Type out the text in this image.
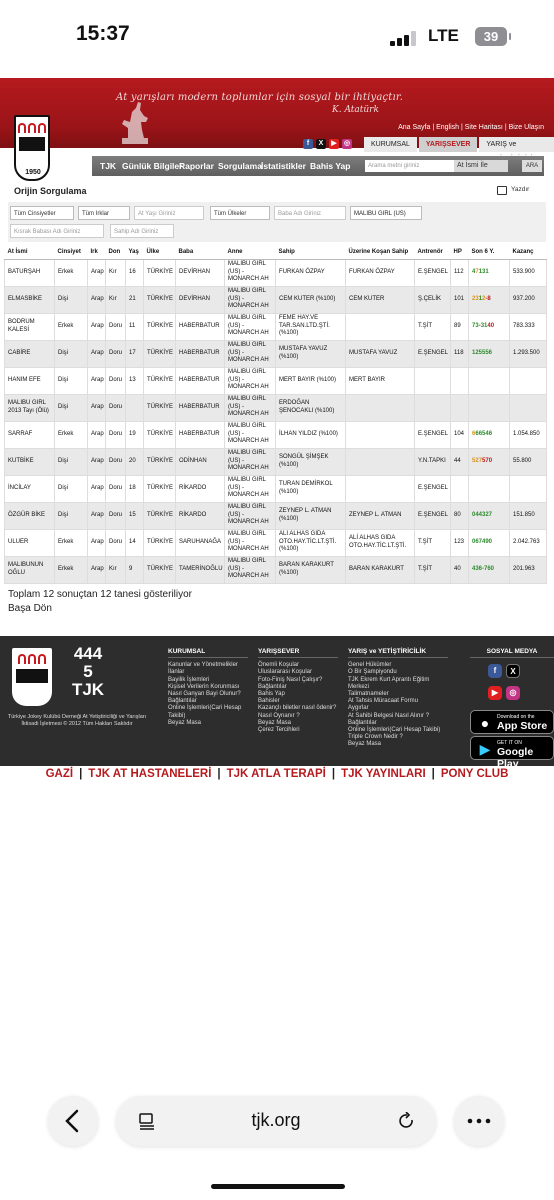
15:37	LTE	39
At yarışları modern toplumlar için sosyal bir ihtiyaçtır.
K. Atatürk
Ana Sayfa | English | Site Haritası | Bize Ulaşın
1950
f	X	▶	◎	KURUMSAL	YARIŞSEVER	YARIŞ ve
TJK Günlük Bilgiler
Raporlar Sorgulama İstatistikler Bahis Yap	Arama metni giriniz	At İsmi İle	ARA
Orijin Sorgulama	Yazdır
Tüm Cinsiyetler	Tüm Irklar	At Yaşı Giriniz	Tüm Ülkeler	Baba Adı Giriniz	MALIBU GIRL (US)
Kısrak Babası Adı Giriniz	Sahip Adı Giriniz
At İsmi	Cinsiyet	Irk	Don	Yaş	Ülke	Baba	Anne	Sahip	Üzerine Koşan Sahip	Antrenör	HP	Son 6 Y.	Kazanç
BATURŞAH	Erkek	Arap	Kır	16	TÜRKİYE	DEVİRHAN	MALIBU GIRL (US) - MONARCH AH	FURKAN ÖZPAY	FURKAN ÖZPAY	E.ŞENGEL	112	47131	533.900
ELMASBİKE	Dişi	Arap	Kır	21	TÜRKİYE	DEVİRHAN	MALIBU GIRL (US) - MONARCH AH	CEM KUTER (%100)	CEM KUTER	Ş.ÇELİK	101	2312-8	937.200
BODRUM KALESİ	Erkek	Arap	Doru	11	TÜRKİYE	HABERBATUR	MALIBU GIRL (US) - MONARCH AH	FEME HAY.VE TAR.SAN.LTD.ŞTİ. (%100)		T.ŞİT	89	73-3140	783.333
CABİRE	Dişi	Arap	Doru	17	TÜRKİYE	HABERBATUR	MALIBU GIRL (US) - MONARCH AH	MUSTAFA YAVUZ (%100)	MUSTAFA YAVUZ	E.ŞENGEL	118	125556	1.293.500
HANIM EFE	Dişi	Arap	Doru	13	TÜRKİYE	HABERBATUR	MALIBU GIRL (US) - MONARCH AH	MERT BAYIR (%100)	MERT BAYIR				
MALIBU GIRL 2013 Tayı (Ölü)	Dişi	Arap	Doru		TÜRKİYE	HABERBATUR	MALIBU GIRL (US) - MONARCH AH	ERDOĞAN ŞENOCAKLI (%100)					
SARRAF	Erkek	Arap	Doru	19	TÜRKİYE	HABERBATUR	MALIBU GIRL (US) - MONARCH AH	İLHAN YILDIZ (%100)		E.ŞENGEL	104	666546	1.054.850
KUTBİKE	Dişi	Arap	Doru	20	TÜRKİYE	ODİNHAN	MALIBU GIRL (US) - MONARCH AH	SONGÜL ŞİMŞEK (%100)		Y.N.TAPKI	44	527570	55.800
İNCİLAY	Dişi	Arap	Doru	18	TÜRKİYE	RİKARDO	MALIBU GIRL (US) - MONARCH AH	TURAN DEMİRKOL (%100)		E.ŞENGEL			
ÖZGÜR BİKE	Dişi	Arap	Doru	15	TÜRKİYE	RİKARDO	MALIBU GIRL (US) - MONARCH AH	ZEYNEP L. ATMAN (%100)	ZEYNEP L. ATMAN	E.ŞENGEL	80	044327	151.850
ULUER	Erkek	Arap	Doru	14	TÜRKİYE	SARUHANAĞA	MALIBU GIRL (US) - MONARCH AH	ALİ ALHAS GIDA OTO.HAY.TİC.LT.ŞTİ. (%100)	ALİ ALHAS GIDA OTO.HAY.TİC.LT.ŞTİ.	T.ŞİT	123	067490	2.042.763
MALIBUNUN OĞLU	Erkek	Arap	Kır	9	TÜRKİYE	TAMERİNOĞLU	MALIBU GIRL (US) - MONARCH AH	BARAN KARAKURT (%100)	BARAN KARAKURT	T.ŞİT	40	436-760	201.963
Toplam 12 sonuçtan 12 tanesi gösteriliyor
Başa Dön
444
5
TJK
Türkiye Jokey Kulübü Derneği At Yetiştiriciliği ve Yarışları İktisadi İşletmesi © 2012 Tüm Hakları Saklıdır
KURUMSAL
Kanunlar ve Yönetmelikler
İlanlar
Bayilik İşlemleri
Kişisel Verilerin Korunması
Nasıl Ganyan Bayi Olunur?
Bağlantılar
Online İşlemleri(Cari Hesap Takibi)
Beyaz Masa
YARIŞSEVER
Önemli Koşular
Uluslararası Koşular
Foto-Finiş Nasıl Çalışır?
Bağlantılar
Bahis Yap
Bahisler
Kazançlı biletler nasıl ödenir?
Nasıl Oynanır ?
Beyaz Masa
Çerez Tercihleri
YARIŞ ve YETİŞTİRİCİLİK
Genel Hükümler
O Bir Şampiyondu
TJK Ekrem Kurt Aprantı Eğitim Merkezi
Talimatnameler
At Tahsis Müracaat Formu
Aygırlar
At Sahibi Belgesi Nasıl Alınır ?
Bağlantılar
Online İşlemleri(Cari Hesap Takibi)
Triple Crown Nedir ?
Beyaz Masa
SOSYAL MEDYA
f	X
▶	◎
●	Download on the
App Store
▶	GET IT ON
Google Play
GAZİ | TJK AT HASTANELERİ | TJK ATLA TERAPİ | TJK YAYINLARI | PONY CLUB
tjk.org
